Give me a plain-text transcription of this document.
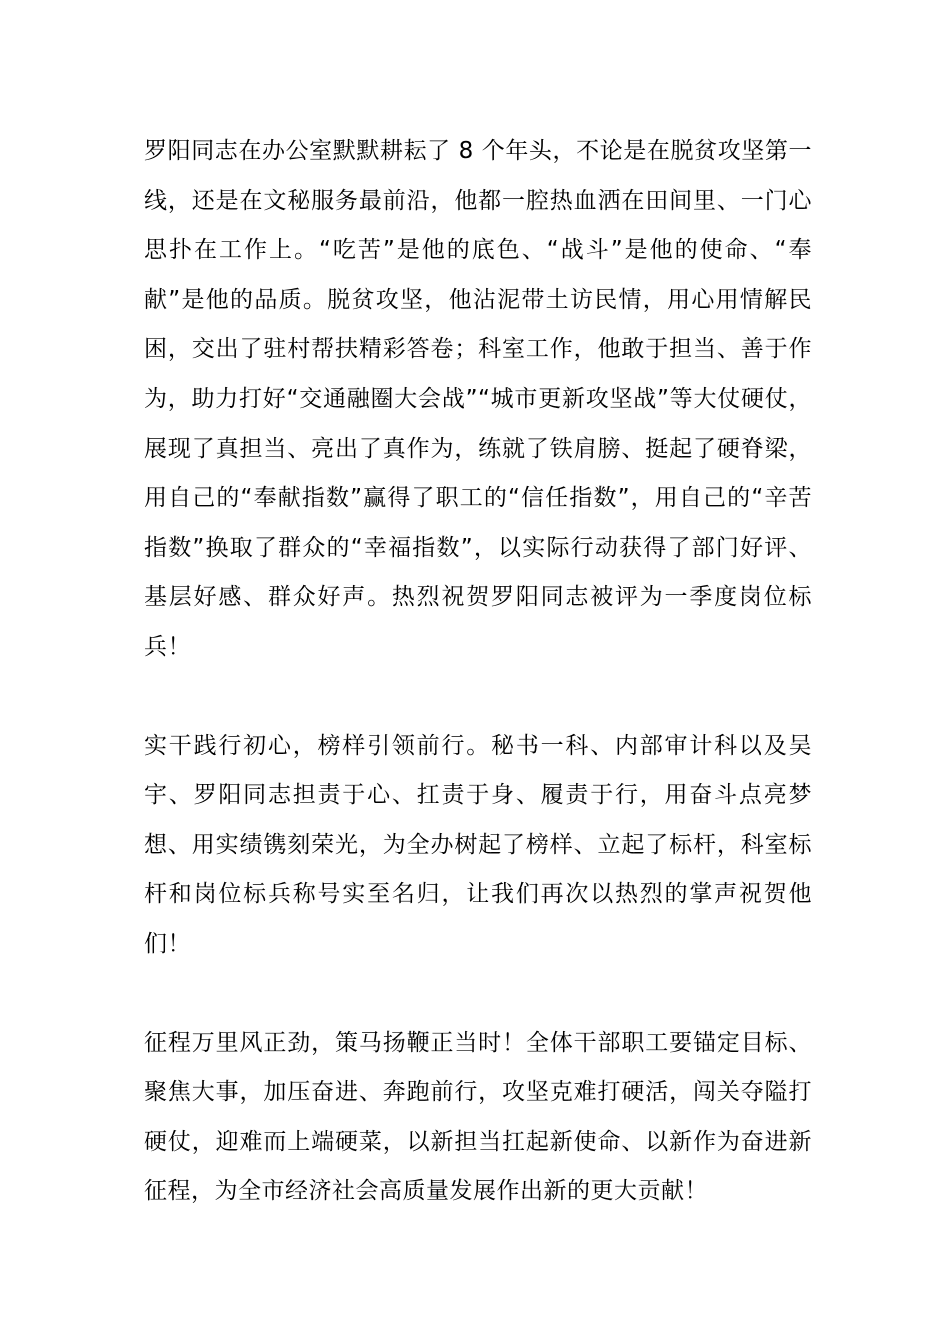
罗阳同志在办公室默默耕耘了 8 个年头，不论是在脱贫攻坚第一线，还是在文秘服务最前沿，他都一腔热血洒在田间里、一门心思扑在工作上。“吃苦”是他的底色、“战斗”是他的使命、“奉献”是他的品质。脱贫攻坚，他沾泥带土访民情，用心用情解民困，交出了驻村帮扶精彩答卷；科室工作，他敢于担当、善于作为，助力打好“交通融圈大会战”“城市更新攻坚战”等大仗硬仗，展现了真担当、亮出了真作为，练就了铁肩膀、挺起了硬脊梁，用自己的“奉献指数”赢得了职工的“信任指数”，用自己的“辛苦指数”换取了群众的“幸福指数”，以实际行动获得了部门好评、基层好感、群众好声。热烈祝贺罗阳同志被评为一季度岗位标兵！

实干践行初心，榜样引领前行。秘书一科、内部审计科以及吴宇、罗阳同志担责于心、扛责于身、履责于行，用奋斗点亮梦想、用实绩镌刻荣光，为全办树起了榜样、立起了标杆，科室标杆和岗位标兵称号实至名归，让我们再次以热烈的掌声祝贺他们！

征程万里风正劲，策马扬鞭正当时！全体干部职工要锚定目标、聚焦大事，加压奋进、奔跑前行，攻坚克难打硬活，闯关夺隘打硬仗，迎难而上端硬菜，以新担当扛起新使命、以新作为奋进新征程，为全市经济社会高质量发展作出新的更大贡献！
